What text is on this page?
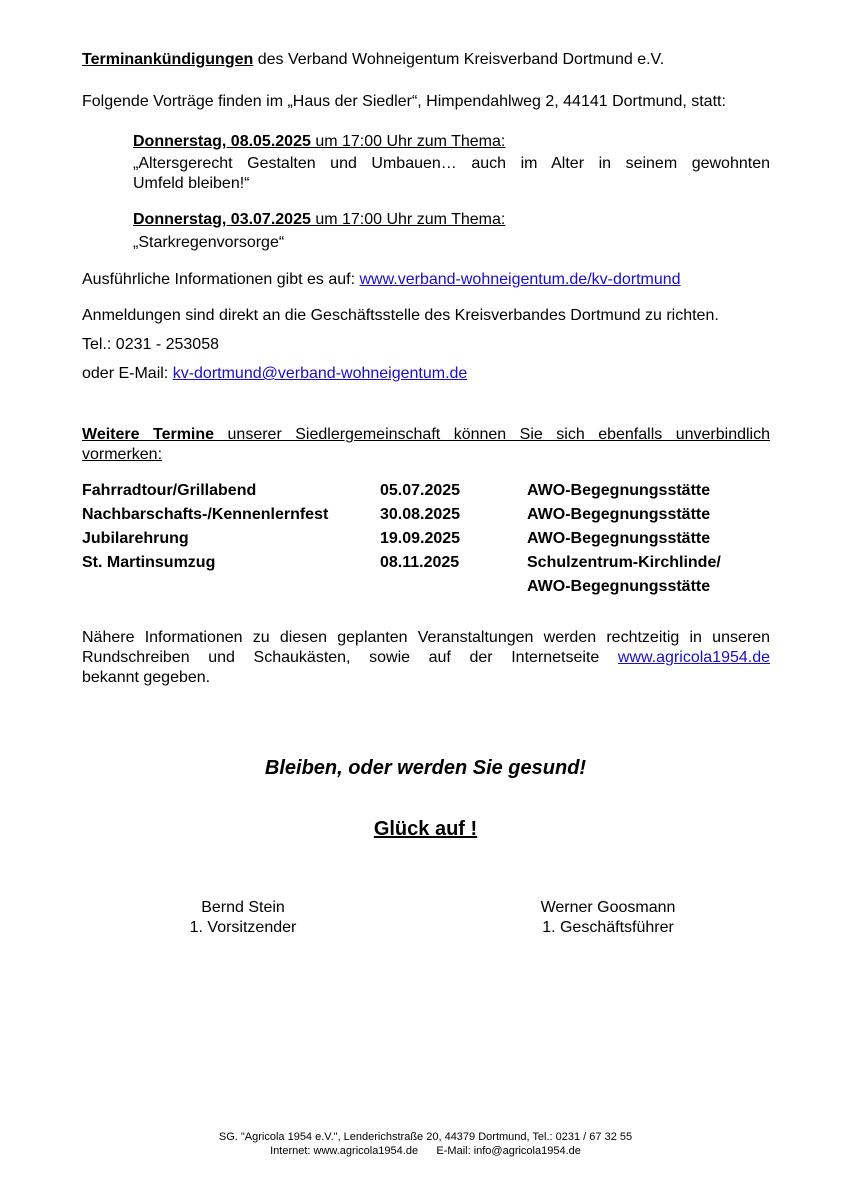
Terminankündigungen des Verband Wohneigentum Kreisverband Dortmund e.V.
Folgende Vorträge finden im „Haus der Siedler“, Himpendahlweg 2, 44141 Dortmund, statt:
Donnerstag, 08.05.2025 um 17:00 Uhr zum Thema:
„Altersgerecht Gestalten und Umbauen… auch im Alter in seinem gewohnten
Umfeld bleiben!“
Donnerstag, 03.07.2025 um 17:00 Uhr zum Thema:
„Starkregenvorsorge“
Ausführliche Informationen gibt es auf: www.verband-wohneigentum.de/kv-dortmund
Anmeldungen sind direkt an die Geschäftsstelle des Kreisverbandes Dortmund zu richten.
Tel.: 0231 - 253058
oder E-Mail: kv-dortmund@verband-wohneigentum.de
Weitere Termine unserer Siedlergemeinschaft können Sie sich ebenfalls unverbindlich
vormerken:
Fahrradtour/Grillabend	05.07.2025	AWO-Begegnungsstätte
Nachbarschafts-/Kennenlernfest	30.08.2025	AWO-Begegnungsstätte
Jubilarehrung	19.09.2025	AWO-Begegnungsstätte
St. Martinsumzug	08.11.2025	Schulzentrum-Kirchlinde/
AWO-Begegnungsstätte
Nähere Informationen zu diesen geplanten Veranstaltungen werden rechtzeitig in unseren
Rundschreiben und Schaukästen, sowie auf der Internetseite www.agricola1954.de
bekannt gegeben.
Bleiben, oder werden Sie gesund!
Glück auf !
Bernd Stein
1. Vorsitzender
Werner Goosmann
1. Geschäftsführer
SG. "Agricola 1954 e.V.", Lenderichstraße 20, 44379 Dortmund, Tel.: 0231 / 67 32 55
Internet: www.agricola1954.de      E-Mail: info@agricola1954.de
